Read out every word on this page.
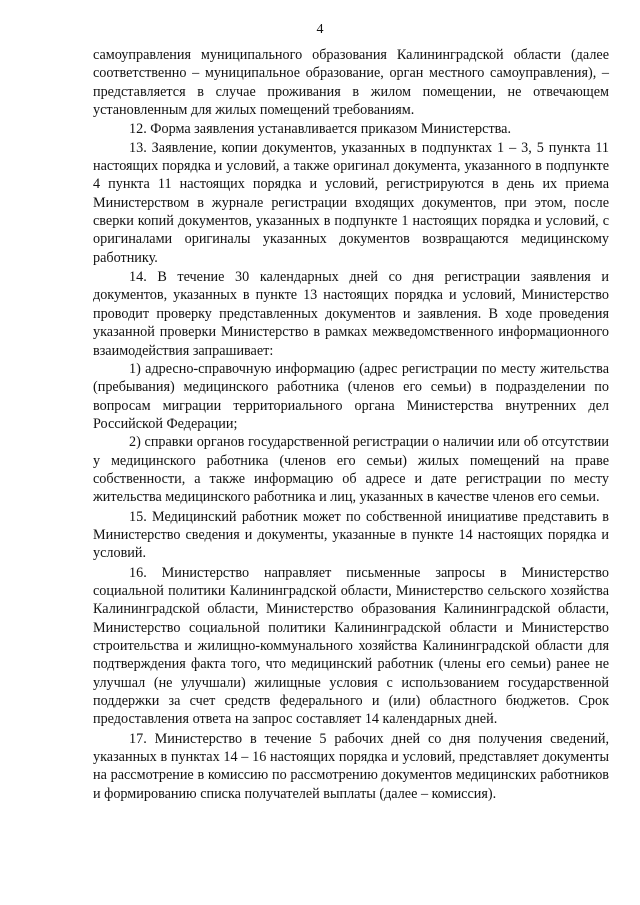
4

самоуправления муниципального образования Калининградской области (далее соответственно – муниципальное образование, орган местного самоуправления), – представляется в случае проживания в жилом помещении, не отвечающем установленным для жилых помещений требованиям.

12. Форма заявления устанавливается приказом Министерства.

13. Заявление, копии документов, указанных в подпунктах 1 – 3, 5 пункта 11 настоящих порядка и условий, а также оригинал документа, указанного в подпункте 4 пункта 11 настоящих порядка и условий, регистрируются в день их приема Министерством в журнале регистрации входящих документов, при этом, после сверки копий документов, указанных в подпункте 1 настоящих порядка и условий, с оригиналами оригиналы указанных документов возвращаются медицинскому работнику.

14. В течение 30 календарных дней со дня регистрации заявления и документов, указанных в пункте 13 настоящих порядка и условий, Министерство проводит проверку представленных документов и заявления. В ходе проведения указанной проверки Министерство в рамках межведомственного информационного взаимодействия запрашивает:

1) адресно-справочную информацию (адрес регистрации по месту жительства (пребывания) медицинского работника (членов его семьи) в подразделении по вопросам миграции территориального органа Министерства внутренних дел Российской Федерации;

2) справки органов государственной регистрации о наличии или об отсутствии у медицинского работника (членов его семьи) жилых помещений на праве собственности, а также информацию об адресе и дате регистрации по месту жительства медицинского работника и лиц, указанных в качестве членов его семьи.

15. Медицинский работник может по собственной инициативе представить в Министерство сведения и документы, указанные в пункте 14 настоящих порядка и условий.

16. Министерство направляет письменные запросы в Министерство социальной политики Калининградской области, Министерство сельского хозяйства Калининградской области, Министерство образования Калининградской области, Министерство социальной политики Калининградской области и Министерство строительства и жилищно-коммунального хозяйства Калининградской области для подтверждения факта того, что медицинский работник (члены его семьи) ранее не улучшал (не улучшали) жилищные условия с использованием государственной поддержки за счет средств федерального и (или) областного бюджетов. Срок предоставления ответа на запрос составляет 14 календарных дней.

17. Министерство в течение 5 рабочих дней со дня получения сведений, указанных в пунктах 14 – 16 настоящих порядка и условий, представляет документы на рассмотрение в комиссию по рассмотрению документов медицинских работников и формированию списка получателей выплаты (далее – комиссия).
